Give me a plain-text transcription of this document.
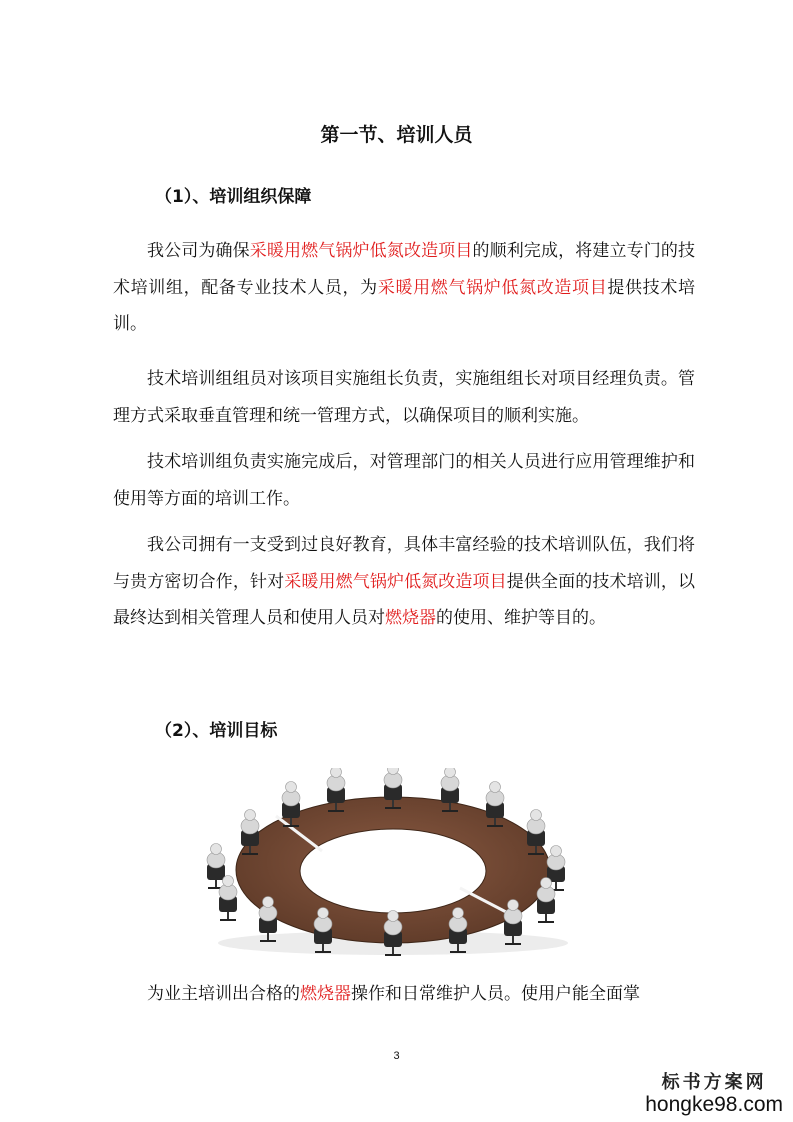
第一节、培训人员
（1）、培训组织保障

我公司为确保采暖用燃气锅炉低氮改造项目的顺利完成，将建立专门的技术培训组，配备专业技术人员，为采暖用燃气锅炉低氮改造项目提供技术培训。

技术培训组组员对该项目实施组长负责，实施组组长对项目经理负责。管理方式采取垂直管理和统一管理方式，以确保项目的顺利实施。

技术培训组负责实施完成后，对管理部门的相关人员进行应用管理维护和使用等方面的培训工作。

我公司拥有一支受到过良好教育，具体丰富经验的技术培训队伍，我们将与贵方密切合作，针对采暖用燃气锅炉低氮改造项目提供全面的技术培训，以最终达到相关管理人员和使用人员对燃烧器的使用、维护等目的。

（2）、培训目标

为业主培训出合格的燃烧器操作和日常维护人员。使用户能全面掌

3
标书方案网
hongke98.com
